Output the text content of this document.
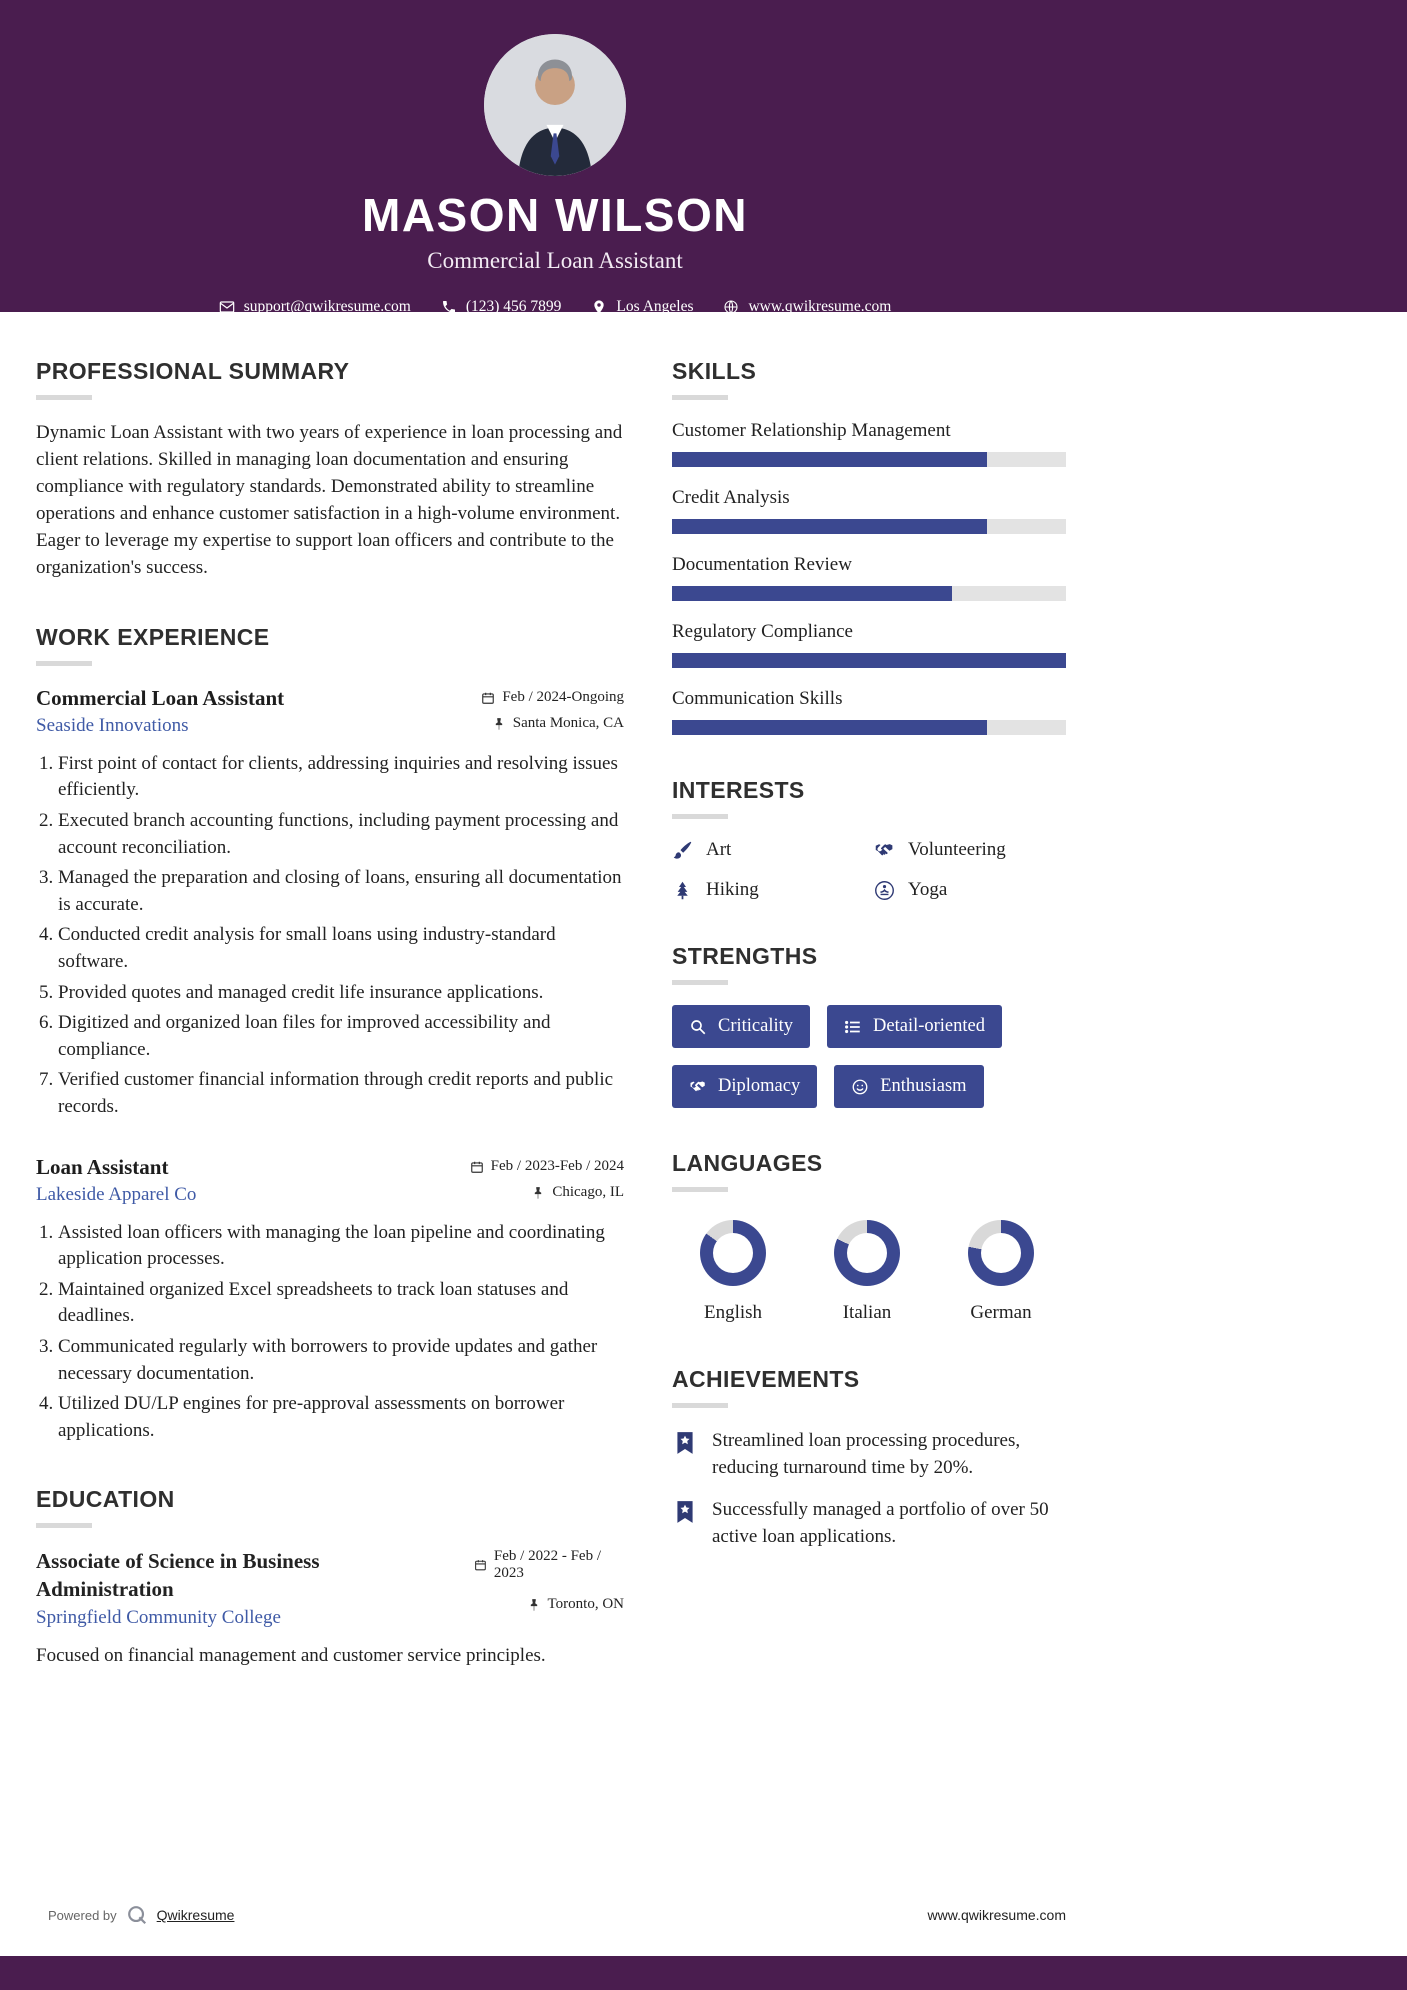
MASON WILSON
Commercial Loan Assistant
support@qwikresume.com	(123) 456 7899	Los Angeles	www.qwikresume.com
PROFESSIONAL SUMMARY

Dynamic Loan Assistant with two years of experience in loan processing and client relations. Skilled in managing loan documentation and ensuring compliance with regulatory standards. Demonstrated ability to streamline operations and enhance customer satisfaction in a high-volume environment. Eager to leverage my expertise to support loan officers and contribute to the organization's success.

WORK EXPERIENCE
Commercial Loan Assistant	Feb / 2024-Ongoing
Seaside Innovations	Santa Monica, CA
1. First point of contact for clients, addressing inquiries and resolving issues efficiently.
2. Executed branch accounting functions, including payment processing and account reconciliation.
3. Managed the preparation and closing of loans, ensuring all documentation is accurate.
4. Conducted credit analysis for small loans using industry-standard software.
5. Provided quotes and managed credit life insurance applications.
6. Digitized and organized loan files for improved accessibility and compliance.
7. Verified customer financial information through credit reports and public records.
Loan Assistant	Feb / 2023-Feb / 2024
Lakeside Apparel Co	Chicago, IL
1. Assisted loan officers with managing the loan pipeline and coordinating application processes.
2. Maintained organized Excel spreadsheets to track loan statuses and deadlines.
3. Communicated regularly with borrowers to provide updates and gather necessary documentation.
4. Utilized DU/LP engines for pre-approval assessments on borrower applications.
EDUCATION
Associate of Science in Business Administration
Springfield Community College
Feb / 2022 - Feb / 2023
Toronto, ON
Focused on financial management and customer service principles.
SKILLS
Customer Relationship Management
Credit Analysis
Documentation Review
Regulatory Compliance
Communication Skills
INTERESTS
Art	Volunteering
Hiking	Yoga
STRENGTHS
Criticality	Detail-oriented
Diplomacy	Enthusiasm
LANGUAGES
English	Italian	German
ACHIEVEMENTS
Streamlined loan processing procedures, reducing turnaround time by 20%.
Successfully managed a portfolio of over 50 active loan applications.
Powered by	Qwikresume	www.qwikresume.com
